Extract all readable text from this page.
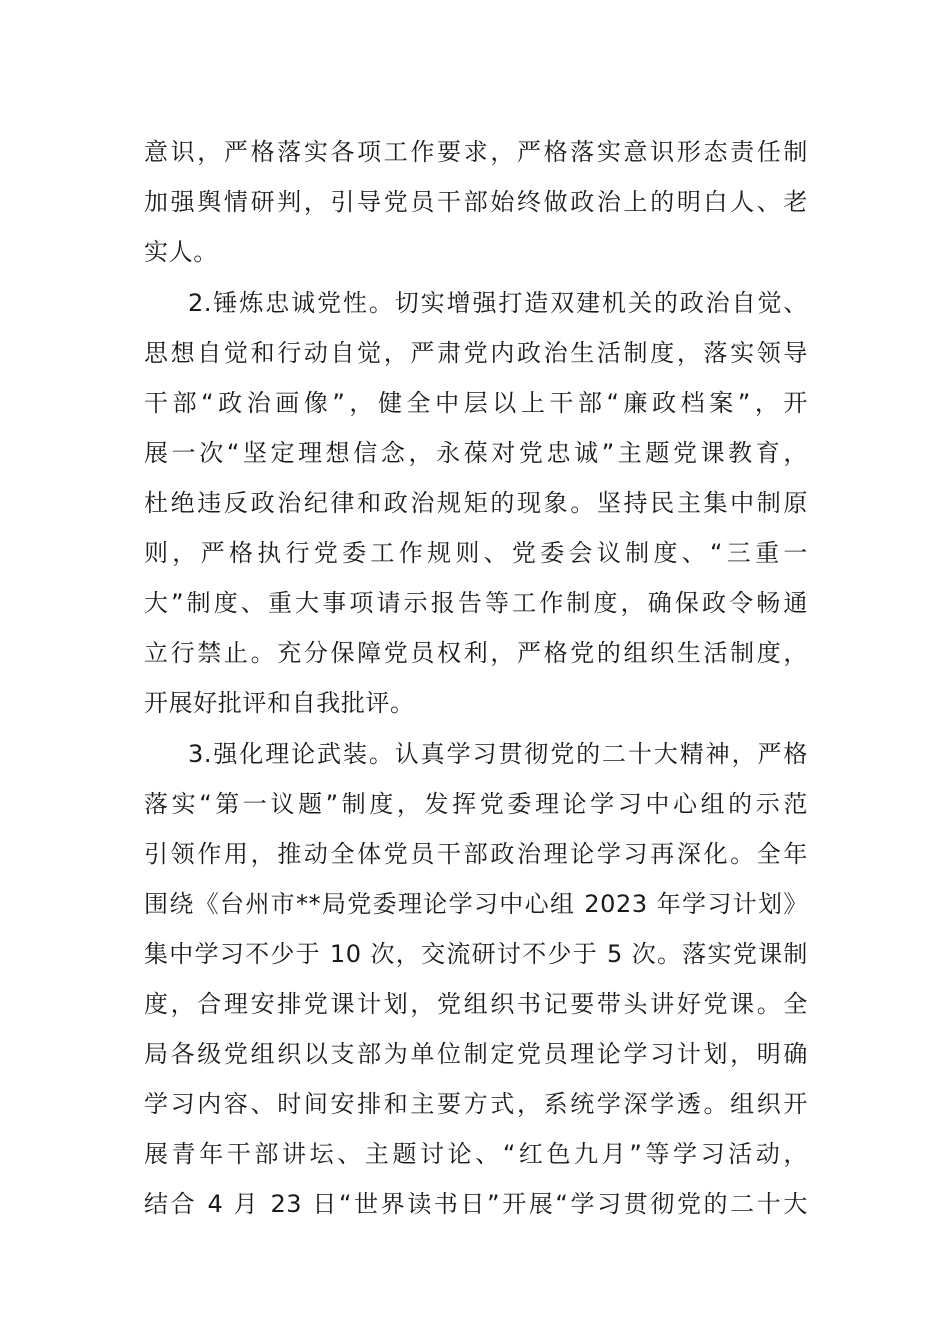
意识，严格落实各项工作要求，严格落实意识形态责任制
加强舆情研判，引导党员干部始终做政治上的明白人、老
实人。
2.锤炼忠诚党性。切实增强打造双建机关的政治自觉、
思想自觉和行动自觉，严肃党内政治生活制度，落实领导
干部“政治画像”，健全中层以上干部“廉政档案”，开
展一次“坚定理想信念，永葆对党忠诚”主题党课教育，
杜绝违反政治纪律和政治规矩的现象。坚持民主集中制原
则，严格执行党委工作规则、党委会议制度、“三重一
大”制度、重大事项请示报告等工作制度，确保政令畅通
立行禁止。充分保障党员权利，严格党的组织生活制度，
开展好批评和自我批评。
3.强化理论武装。认真学习贯彻党的二十大精神，严格
落实“第一议题”制度，发挥党委理论学习中心组的示范
引领作用，推动全体党员干部政治理论学习再深化。全年
围绕《台州市**局党委理论学习中心组 2023 年学习计划》
集中学习不少于 10 次，交流研讨不少于 5 次。落实党课制
度，合理安排党课计划，党组织书记要带头讲好党课。全
局各级党组织以支部为单位制定党员理论学习计划，明确
学习内容、时间安排和主要方式，系统学深学透。组织开
展青年干部讲坛、主题讨论、“红色九月”等学习活动，
结合 4 月 23 日“世界读书日”开展“学习贯彻党的二十大
